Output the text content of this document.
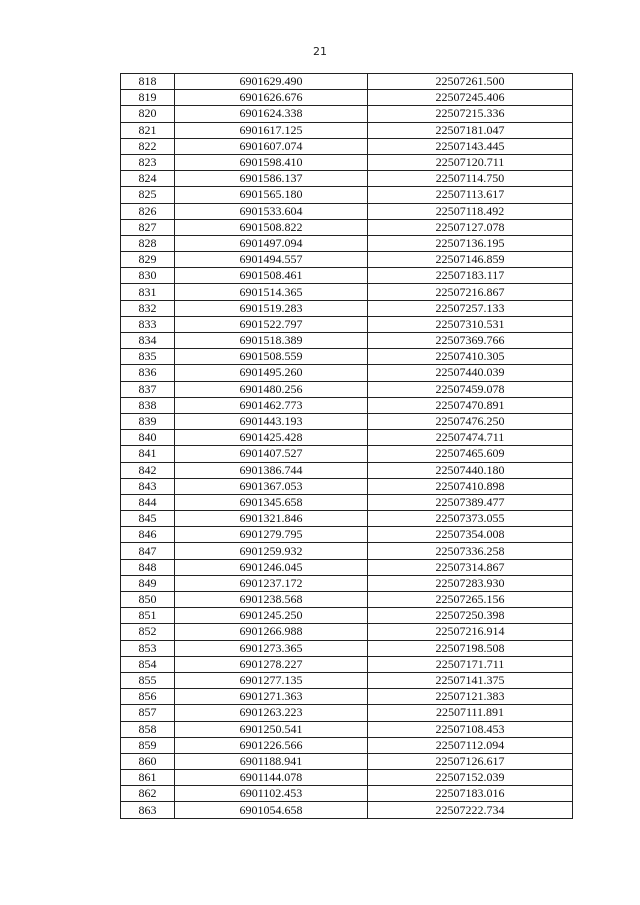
21
818	6901629.490	22507261.500
819	6901626.676	22507245.406
820	6901624.338	22507215.336
821	6901617.125	22507181.047
822	6901607.074	22507143.445
823	6901598.410	22507120.711
824	6901586.137	22507114.750
825	6901565.180	22507113.617
826	6901533.604	22507118.492
827	6901508.822	22507127.078
828	6901497.094	22507136.195
829	6901494.557	22507146.859
830	6901508.461	22507183.117
831	6901514.365	22507216.867
832	6901519.283	22507257.133
833	6901522.797	22507310.531
834	6901518.389	22507369.766
835	6901508.559	22507410.305
836	6901495.260	22507440.039
837	6901480.256	22507459.078
838	6901462.773	22507470.891
839	6901443.193	22507476.250
840	6901425.428	22507474.711
841	6901407.527	22507465.609
842	6901386.744	22507440.180
843	6901367.053	22507410.898
844	6901345.658	22507389.477
845	6901321.846	22507373.055
846	6901279.795	22507354.008
847	6901259.932	22507336.258
848	6901246.045	22507314.867
849	6901237.172	22507283.930
850	6901238.568	22507265.156
851	6901245.250	22507250.398
852	6901266.988	22507216.914
853	6901273.365	22507198.508
854	6901278.227	22507171.711
855	6901277.135	22507141.375
856	6901271.363	22507121.383
857	6901263.223	22507111.891
858	6901250.541	22507108.453
859	6901226.566	22507112.094
860	6901188.941	22507126.617
861	6901144.078	22507152.039
862	6901102.453	22507183.016
863	6901054.658	22507222.734
